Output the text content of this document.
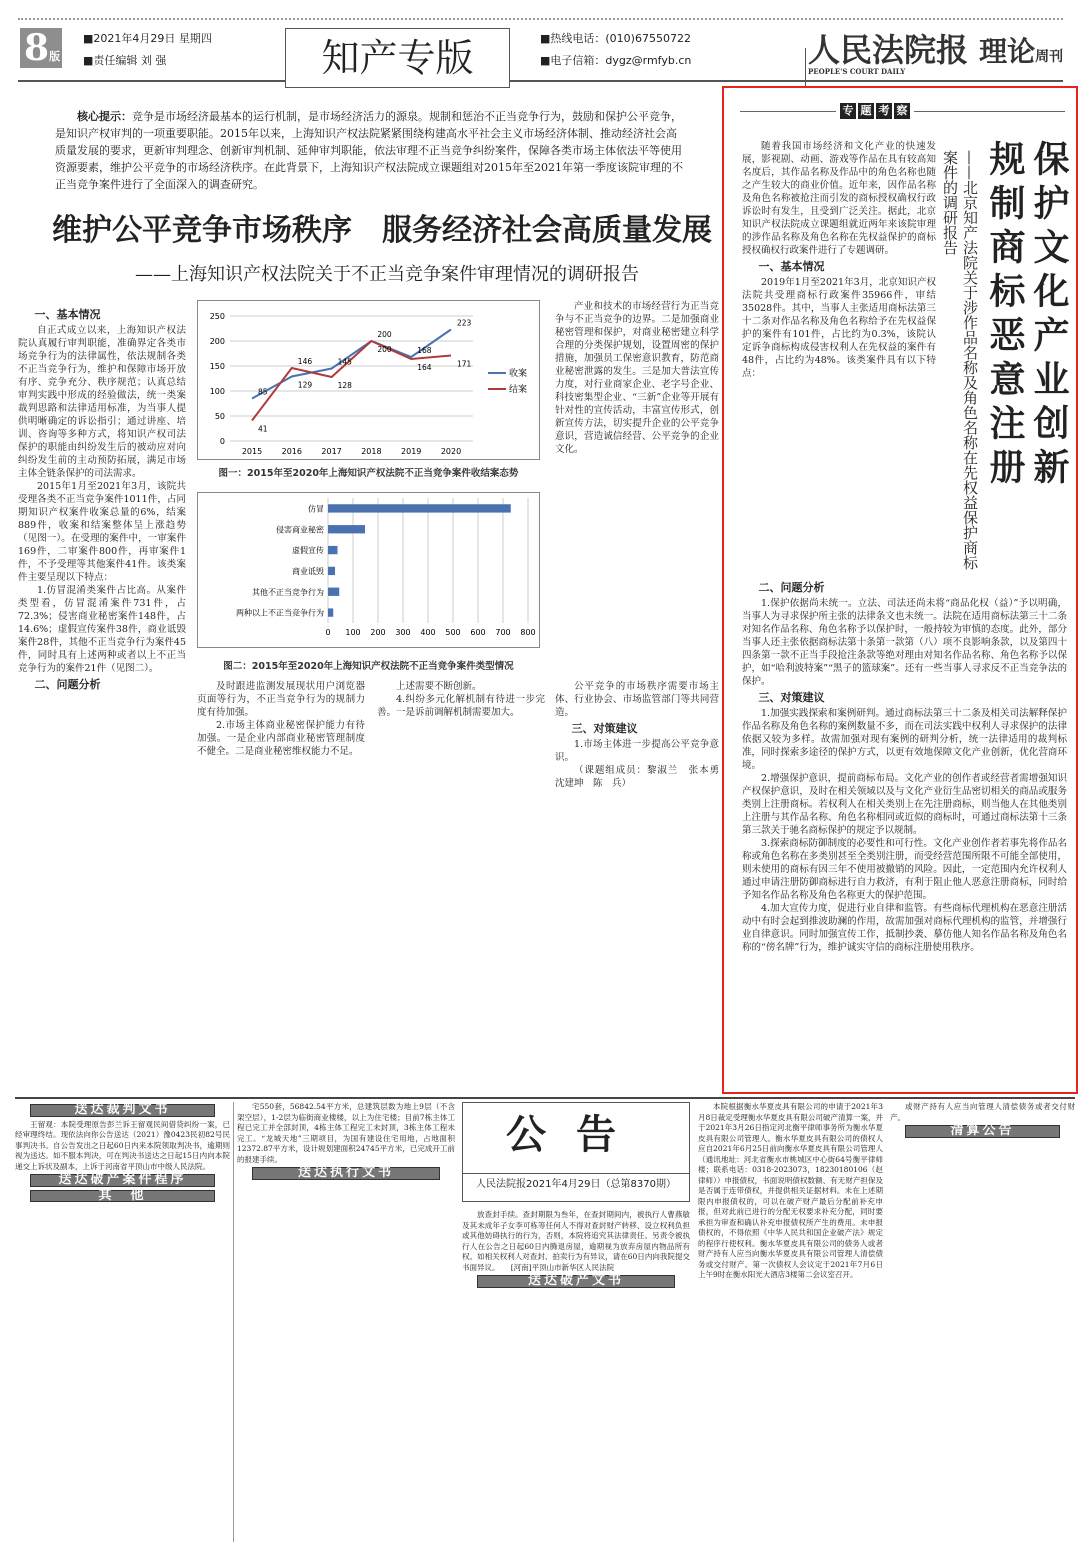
8版
■2021年4月29日 星期四
■责任编辑 刘 强	知产专版	■热线电话：(010)67550722
■电子信箱：dygz@rmfyb.cn	人民法院报 理论周刊
PEOPLE'S COURT DAILY
核心提示：竞争是市场经济最基本的运行机制，是市场经济活力的源泉。规制和惩治不正当竞争行为，鼓励和保护公平竞争，是知识产权审判的一项重要职能。2015年以来，上海知识产权法院紧紧围绕构建高水平社会主义市场经济体制、推动经济社会高质量发展的要求，更新审判理念、创新审判机制、延伸审判职能，依法审理不正当竞争纠纷案件，保障各类市场主体依法平等使用资源要素，维护公平竞争的市场经济秩序。在此背景下，上海知识产权法院成立课题组对2015年至2021年第一季度该院审理的不正当竞争案件进行了全面深入的调查研究。
维护公平竞争市场秩序　服务经济社会高质量发展
——上海知识产权法院关于不正当竞争案件审理情况的调研报告
一、基本情况

自正式成立以来，上海知识产权法院认真履行审判职能，准确界定各类市场竞争行为的法律属性，依法规制各类不正当竞争行为，维护和保障市场开放有序、竞争充分、秩序规范；认真总结审判实践中形成的经验做法，统一类案裁判思路和法律适用标准，为当事人提供明晰确定的诉讼指引；通过讲座、培训、咨询等多种方式，将知识产权司法保护的职能由纠纷发生后的被动应对向纠纷发生前的主动预防拓展，满足市场主体全链条保护的司法需求。

2015年1月至2021年3月，该院共受理各类不正当竞争案件1011件，占同期知识产权案件收案总量的6%，结案889件，收案和结案整体呈上涨趋势（见图一）。在受理的案件中，一审案件169件，二审案件800件，再审案件1件，不予受理等其他案件41件。该类案件主要呈现以下特点：

1.仿冒混淆类案件占比高。从案件类型看，仿冒混淆案件731件，占72.3%；侵害商业秘密案件148件，占14.6%；虚假宣传案件38件，商业诋毁案件28件，其他不正当竞争行为案件45件，同时具有上述两种或者以上不正当竞争行为的案件21件（见图二）。

二、问题分析
0
50
100
150
200
250
2015 2016 2017 2018 2019 2020
收案
结案
85
41
129
146	145
128
200
200	168
164
223
171
图一：2015年至2020年上海知识产权法院不正当竞争案件收结案态势
0 100 200 300 400 500 600 700 800
仿冒
侵害商业秘密
虚假宣传
商业诋毁
其他不正当竞争行为
两种以上不正当竞争行为
图二：2015年至2020年上海知识产权法院不正当竞争案件类型情况

产业和技术的市场经营行为正当竞争与不正当竞争的边界。二是加强商业秘密管理和保护，对商业秘密建立科学合理的分类保护规划，设置周密的保护措施，加强员工保密意识教育，防范商业秘密泄露的发生。三是加大普法宣传力度，对行业商家企业、老字号企业、科技密集型企业、“三新”企业等开展有针对性的宣传活动，丰富宣传形式，创新宣传方法，切实提升企业的公平竞争意识，营造诚信经营、公平竞争的企业文化。

及时跟进监测发展现状用户浏览器页面等行为，不正当竞争行为的规制力度有待加强。

2.市场主体商业秘密保护能力有待加强。一是企业内部商业秘密管理制度不健全。二是商业秘密维权能力不足。

上述需要不断创新。

4.纠纷多元化解机制有待进一步完善。一是诉前调解机制需要加大。

公平竞争的市场秩序需要市场主体、行业协会、市场监管部门等共同营造。

三、对策建议

1.市场主体进一步提高公平竞争意识。

（课题组成员：黎淑兰　张本勇　沈建坤　陈　兵）

专 题 考 察

随着我国市场经济和文化产业的快速发展，影视剧、动画、游戏等作品在具有较高知名度后，其作品名称及作品中的角色名称也随之产生较大的商业价值。近年来，因作品名称及角色名称被抢注而引发的商标授权确权行政诉讼时有发生，且受到广泛关注。据此，北京知识产权法院成立课题组就近两年来该院审理的涉作品名称及角色名称在先权益保护的商标授权确权行政案件进行了专题调研。

一、基本情况

2019年1月至2021年3月，北京知识产权法院共受理商标行政案件35966件，审结35028件。其中，当事人主张适用商标法第三十二条对作品名称及角色名称给予在先权益保护的案件有101件，占比约为0.3%，该院认定诉争商标构成侵害权利人在先权益的案件有48件，占比约为48%。该类案件具有以下特点：	保护文化产业创新　规制商标恶意注册
——北京知产法院关于涉作品名称及角色名称在先权益保护商标案件的调研报告
二、问题分析

1.保护依据尚未统一。立法、司法还尚未将“商品化权（益）”予以明确，当事人为寻求保护所主张的法律条文也未统一。法院在适用商标法第三十二条对知名作品名称、角色名称予以保护时，一般持较为审慎的态度。此外，部分当事人还主张依据商标法第十条第一款第（八）项不良影响条款，以及第四十四条第一款不正当手段抢注条款等绝对理由对知名作品名称、角色名称予以保护，如“哈利波特案”“黑子的篮球案”。还有一些当事人寻求反不正当竞争法的保护。

三、对策建议

1.加强实践探索和案例研判。通过商标法第三十二条及相关司法解释保护作品名称及角色名称的案例数量不多，而在司法实践中权利人寻求保护的法律依据又较为多样。故需加强对现有案例的研判分析，统一法律适用的裁判标准，同时探索多途径的保护方式，以更有效地保障文化产业创新，优化营商环境。

2.增强保护意识，提前商标布局。文化产业的创作者或经营者需增强知识产权保护意识，及时在相关领域以及与文化产业衍生品密切相关的商品或服务类别上注册商标。若权利人在相关类别上在先注册商标，则当他人在其他类别上注册与其作品名称、角色名称相同或近似的商标时，可通过商标法第十三条第三款关于驰名商标保护的规定予以规制。

3.探索商标防御制度的必要性和可行性。文化产业创作者若事先将作品名称或角色名称在多类别甚至全类别注册，而受经营范围所限不可能全部使用，则未使用的商标有因三年不使用被撤销的风险。因此，一定范围内允许权利人通过申请注册防御商标进行自力救济，有利于阻止他人恶意注册商标，同时给予知名作品名称及角色名称更大的保护范围。

4.加大宣传力度，促进行业自律和监管。有些商标代理机构在恶意注册活动中有时会起到推波助澜的作用，故需加强对商标代理机构的监管，并增强行业自律意识。同时加强宣传工作，抵制抄袭、摹仿他人知名作品名称及角色名称的“傍名牌”行为，维护诚实守信的商标注册使用秩序。

送达裁判文书

王留观：本院受理原告彭兰诉王留观民间借贷纠纷一案，已经审理终结。现依法向你公告送达（2021）豫0423民初82号民事判决书。自公告发出之日起60日内来本院领取判决书，逾期则视为送达。如不服本判决，可在判决书送达之日起15日内向本院递交上诉状及副本，上诉于河南省平顶山市中级人民法院。

送达破产案件程序
其　他

宅550套，56842.54平方米，总建筑层数为地上9层（不含架空层），1-2层为临街商业楼楼，以上为住宅楼；目前7栋主体工程已完工并全部封顶，4栋主体工程完工未封顶，3栋主体工程未完工。“龙城天地”三期项目，为国有建设住宅用地，占地面积12372.87平方米，设计规划建面积24745平方米，已完成开工前的报建手续。

送达执行文书
公告
人民法院报2021年4月29日（总第8370期）

放查封手续。查封期限为叁年，在查封期间内，被执行人曹燕敏及其未成年子女李可栋等任何人不得对查封财产转移、设立权利负担或其他妨碍执行的行为，否则，本院将追究其法律责任。另责令被执行人在公告之日起60日内腾退房屋，逾期视为放弃房屋内物品所有权。如相关权利人对查封、拍卖行为有异议，请在60日内向我院提交书面异议。　　[河南]平顶山市新华区人民法院

送达破产文书

本院根据衡水华夏皮具有限公司的申请于2021年3月8日裁定受理衡水华夏皮具有限公司破产清算一案，并于2021年3月26日指定河北衡平律师事务所为衡水华夏皮具有限公司管理人。衡水华夏皮具有限公司的债权人应自2021年6月25日前向衡水华夏皮具有限公司管理人（通讯地址：河北省衡水市桃城区中心街64号衡平律师楼；联系电话：0318-2023073，18230180106（赵律师））申报债权，书面说明债权数额、有无财产担保及是否属于连带债权，并提供相关证据材料。未在上述期限内申报债权的，可以在破产财产最后分配前补充申报，但对此前已进行的分配无权要求补充分配，同时要承担为审查和确认补充申报债权所产生的费用。未申报债权的，不得依照《中华人民共和国企业破产法》规定的程序行使权利。衡水华夏皮具有限公司的债务人或者财产持有人应当向衡水华夏皮具有限公司管理人清偿债务或交付财产。第一次债权人会议定于2021年7月6日上午9时在衡水阳光大酒店3楼第二会议室召开。

或财产持有人应当向管理人清偿债务或者交付财产。

清算公告
